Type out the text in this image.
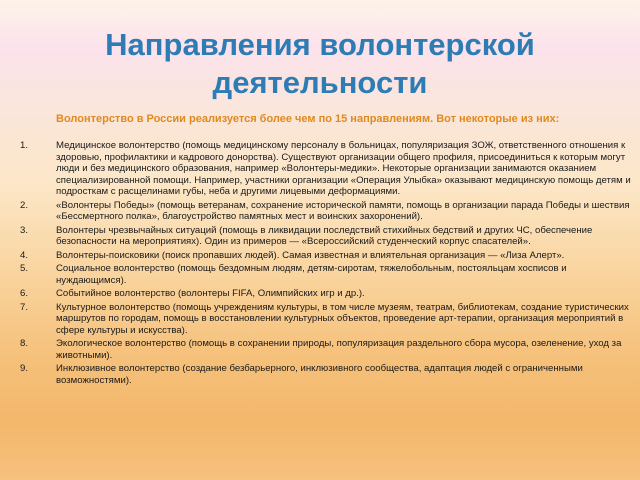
Направления волонтерской
деятельности
Волонтерство в России реализуется более чем по 15 направлениям. Вот некоторые из них:
1.	Медицинское волонтерство (помощь медицинскому персоналу в больницах, популяризация ЗОЖ, ответственного отношения к здоровью, профилактики и кадрового донорства). Существуют организации общего профиля, присоединиться к которым могут люди и без медицинского образования, например «Волонтеры-медики». Некоторые организации занимаются оказанием специализированной помощи. Например, участники организации «Операция Улыбка» оказывают медицинскую помощь детям и подросткам с расщелинами губы, неба и другими лицевыми деформациями.
2.	«Волонтеры Победы» (помощь ветеранам, сохранение исторической памяти, помощь в организации парада Победы и шествия «Бессмертного полка», благоустройство памятных мест и воинских захоронений).
3.	Волонтеры чрезвычайных ситуаций (помощь в ликвидации последствий стихийных бедствий и других ЧС, обеспечение безопасности на мероприятиях). Один из примеров — «Всероссийский студенческий корпус спасателей».
4.	Волонтеры-поисковики (поиск пропавших людей). Самая известная и влиятельная организация — «Лиза Алерт».
5.	Социальное волонтерство (помощь бездомным людям, детям-сиротам, тяжелобольным, постояльцам хосписов и нуждающимся).
6.	Событийное волонтерство (волонтеры FIFA, Олимпийских игр и др.).
7.	Культурное волонтерство (помощь учреждениям культуры, в том числе музеям, театрам, библиотекам, создание туристических маршрутов по городам, помощь в восстановлении культурных объектов, проведение арт-терапии, организация мероприятий в сфере культуры и искусства).
8.	Экологическое волонтерство (помощь в сохранении природы, популяризация раздельного сбора мусора, озеленение, уход за животными).
9.	Инклюзивное волонтерство (создание безбарьерного, инклюзивного сообщества, адаптация людей с ограниченными возможностями).
